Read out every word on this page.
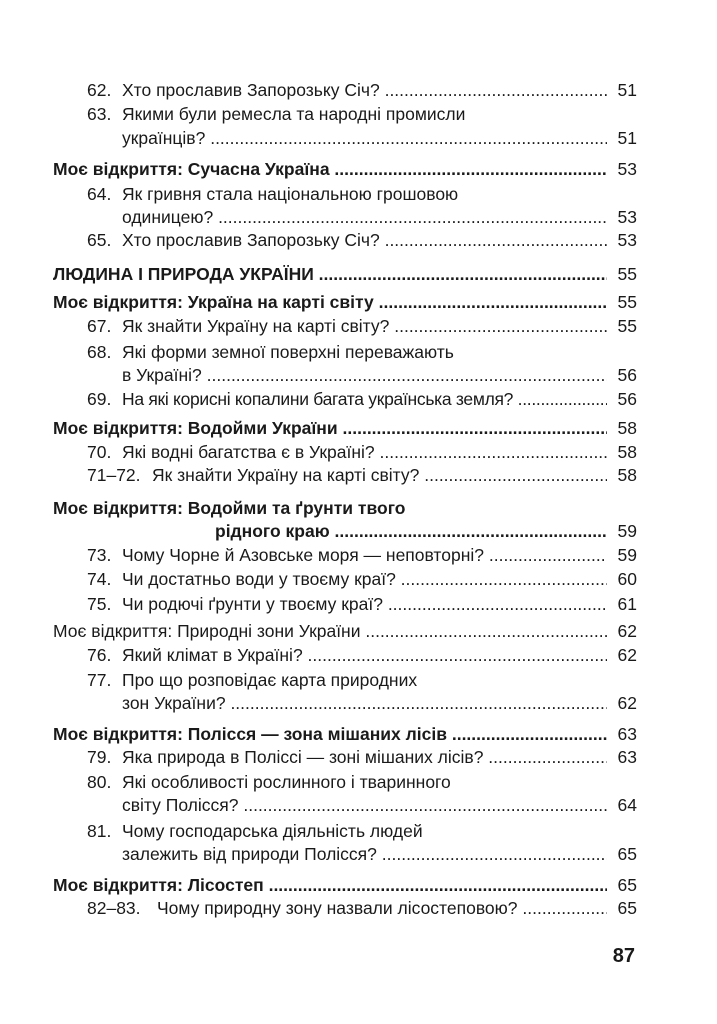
62. Хто прославив Запорозьку Січ? .....	51
63. Якими були ремесла та народні промисли
українців? .....	51
Моє відкриття: Сучасна Україна .....	53
64. Як гривня стала національною грошовою
одиницею? .....	53
65. Хто прославив Запорозьку Січ? .....	53
ЛЮДИНА І ПРИРОДА УКРАЇНИ .....	55
Моє відкриття: Україна на карті світу .....	55
67. Як знайти Україну на карті світу? .....	55
68. Які форми земної поверхні переважають
в Україні? .....	56
69. На які корисні копалини багата українська земля? .....	56
Моє відкриття: Водойми України .....	58
70. Які водні багатства є в Україні? .....	58
71–72. Як знайти Україну на карті світу? .....	58
Моє відкриття: Водойми та ґрунти твого
рідного краю .....	59
73. Чому Чорне й Азовське моря — неповторні? .....	59
74. Чи достатньо води у твоєму краї? .....	60
75. Чи родючі ґрунти у твоєму краї? .....	61
Моє відкриття: Природні зони України .....	62
76. Який клімат в Україні? .....	62
77. Про що розповідає карта природних
зон України? .....	62
Моє відкриття: Полісся — зона мішаних лісів .....	63
79. Яка природа в Поліссі — зоні мішаних лісів? .....	63
80. Які особливості рослинного і тваринного
світу Полісся? .....	64
81. Чому господарська діяльність людей
залежить від природи Полісся? .....	65
Моє відкриття: Лісостеп .....	65
82–83. Чому природну зону назвали лісостеповою? .....	65
87
